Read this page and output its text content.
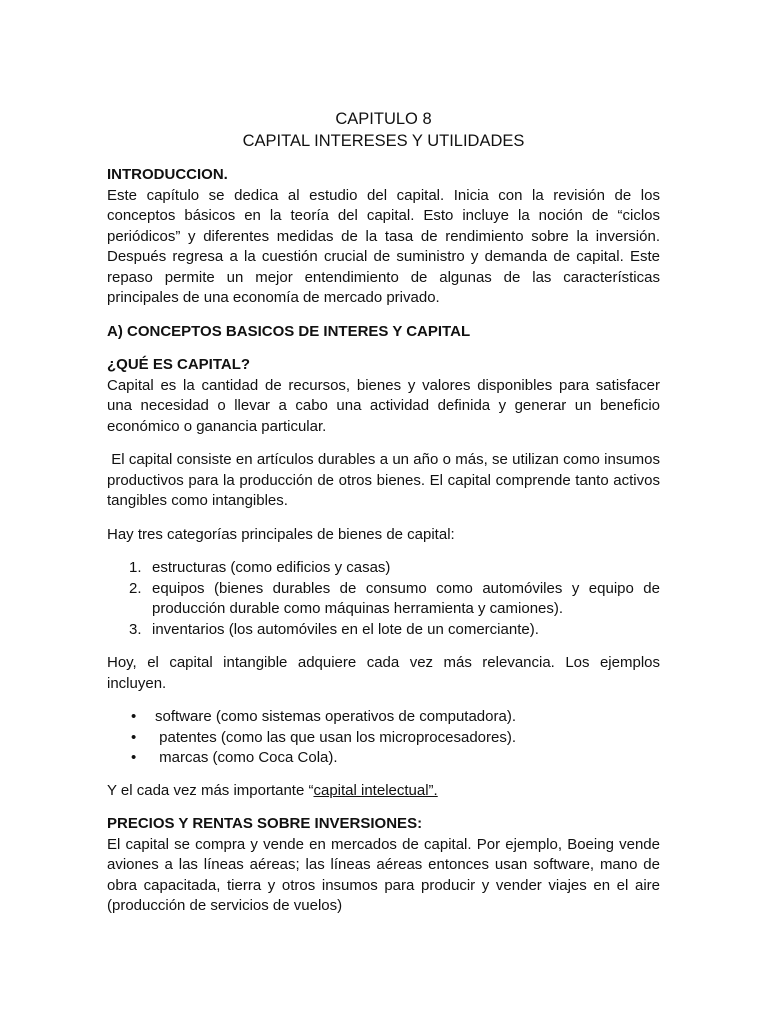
CAPITULO 8
CAPITAL INTERESES Y UTILIDADES
INTRODUCCION.

Este capítulo se dedica al estudio del capital. Inicia con la revisión de los conceptos básicos en la teoría del capital. Esto incluye la noción de “ciclos periódicos” y diferentes medidas de la tasa de rendimiento sobre la inversión. Después regresa a la cuestión crucial de suministro y demanda de capital. Este repaso permite un mejor entendimiento de algunas de las características principales de una economía de mercado privado.

A) CONCEPTOS BASICOS DE INTERES Y CAPITAL
¿QUÉ ES CAPITAL?

Capital es la cantidad de recursos, bienes y valores disponibles para satisfacer una necesidad o llevar a cabo una actividad definida y generar un beneficio económico o ganancia particular.

El capital consiste en artículos durables a un año o más, se utilizan como insumos productivos para la producción de otros bienes. El capital comprende tanto activos tangibles como intangibles.

Hay tres categorías principales de bienes de capital:

1. estructuras (como edificios y casas)
2. equipos (bienes durables de consumo como automóviles y equipo de producción durable como máquinas herramienta y camiones).
3. inventarios (los automóviles en el lote de un comerciante).

Hoy, el capital intangible adquiere cada vez más relevancia. Los ejemplos incluyen.

• software (como sistemas operativos de computadora).
• patentes (como las que usan los microprocesadores).
• marcas (como Coca Cola).

Y el cada vez más importante “capital intelectual”.

PRECIOS Y RENTAS SOBRE INVERSIONES:

El capital se compra y vende en mercados de capital. Por ejemplo, Boeing vende aviones a las líneas aéreas; las líneas aéreas entonces usan software, mano de obra capacitada, tierra y otros insumos para producir y vender viajes en el aire (producción de servicios de vuelos)
